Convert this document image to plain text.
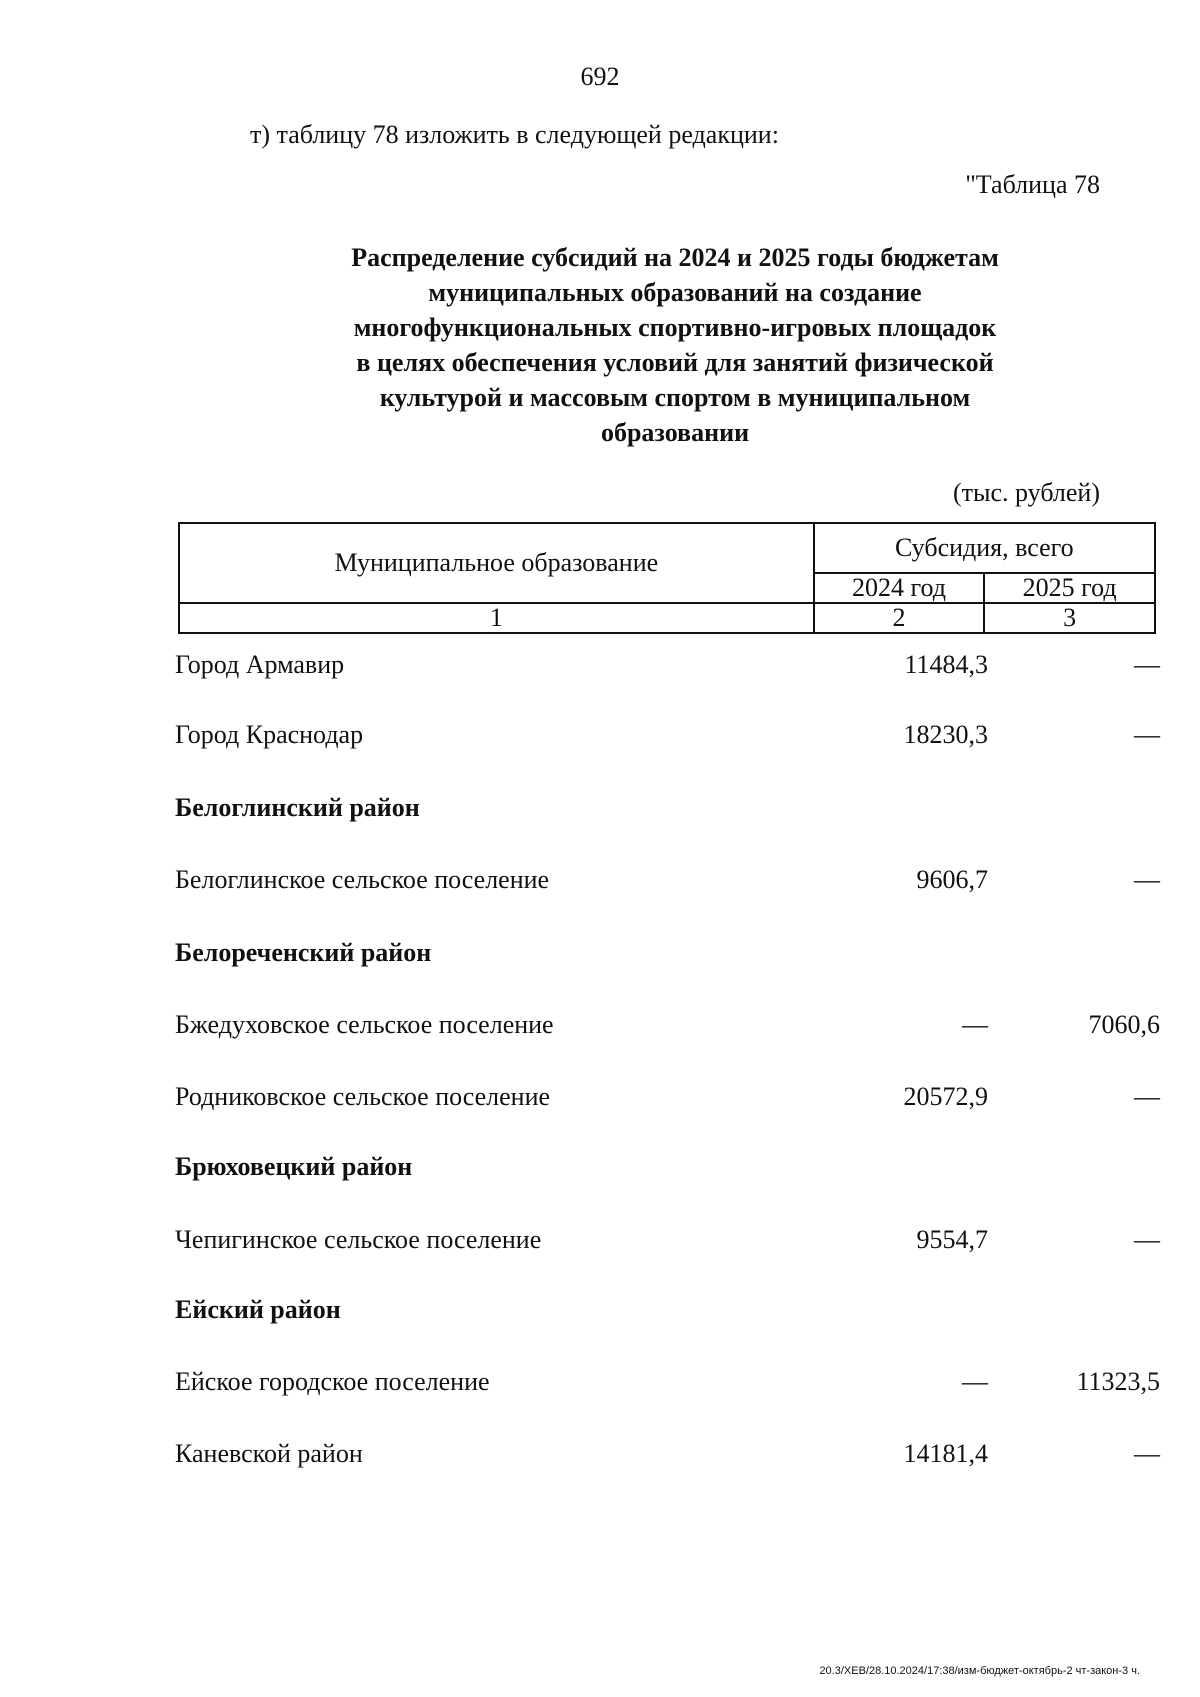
692
т) таблицу 78 изложить в следующей редакции:
"Таблица 78
Распределение субсидий на 2024 и 2025 годы бюджетам
муниципальных образований на создание
многофункциональных спортивно-игровых площадок
в целях обеспечения условий для занятий физической
культурой и массовым спортом в муниципальном
образовании
(тыс. рублей)
Муниципальное образование	Субсидия, всего	
	2024 год	2025 год
1	2	3
Город Армавир	11484,3	—
Город Краснодар	18230,3	—
Белоглинский район
Белоглинское сельское поселение	9606,7	—
Белореченский район
Бжедуховское сельское поселение	—	7060,6
Родниковское сельское поселение	20572,9	—
Брюховецкий район
Чепигинское сельское поселение	9554,7	—
Ейский район
Ейское городское поселение	—	11323,5
Каневской район	14181,4	—
20.3/ХЕВ/28.10.2024/17:38/изм-бюджет-октябрь-2 чт-закон-3 ч.
